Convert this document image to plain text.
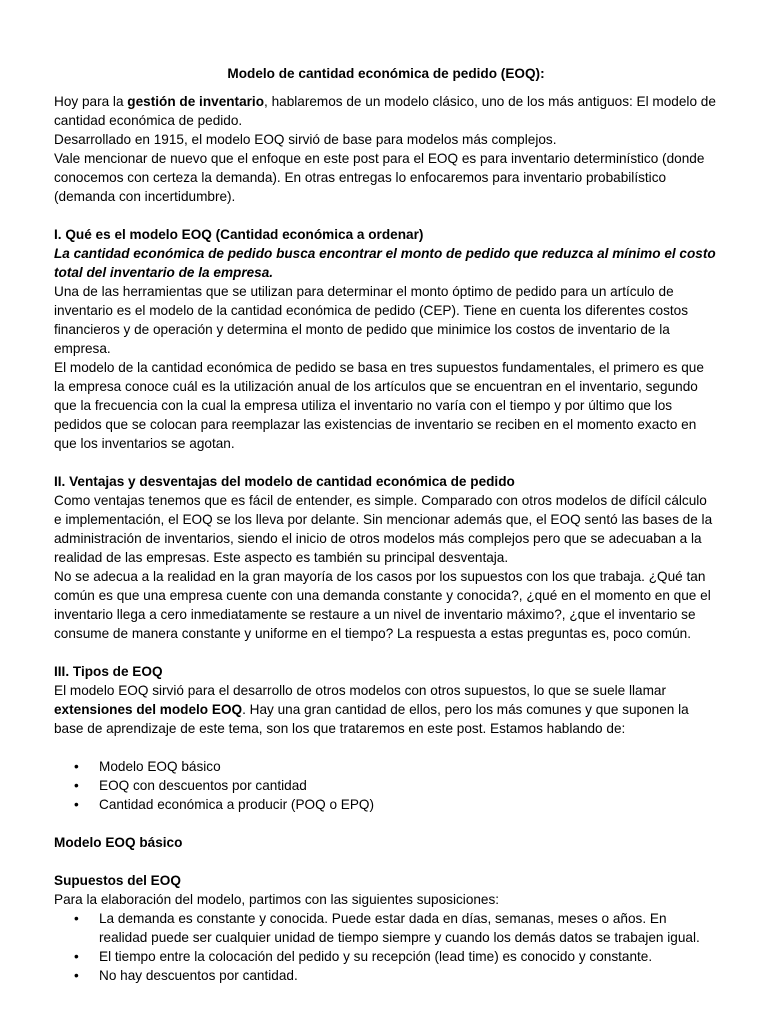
Modelo de cantidad económica de pedido (EOQ):

Hoy para la gestión de inventario, hablaremos de un modelo clásico, uno de los más antiguos: El modelo de cantidad económica de pedido.

Desarrollado en 1915, el modelo EOQ sirvió de base para modelos más complejos.

Vale mencionar de nuevo que el enfoque en este post para el EOQ es para inventario determinístico (donde conocemos con certeza la demanda). En otras entregas lo enfocaremos para inventario probabilístico (demanda con incertidumbre).

I. Qué es el modelo EOQ (Cantidad económica a ordenar)

La cantidad económica de pedido busca encontrar el monto de pedido que reduzca al mínimo el costo total del inventario de la empresa.

Una de las herramientas que se utilizan para determinar el monto óptimo de pedido para un artículo de inventario es el modelo de la cantidad económica de pedido (CEP). Tiene en cuenta los diferentes costos financieros y de operación y determina el monto de pedido que minimice los costos de inventario de la empresa.

El modelo de la cantidad económica de pedido se basa en tres supuestos fundamentales, el primero es que la empresa conoce cuál es la utilización anual de los artículos que se encuentran en el inventario, segundo que la frecuencia con la cual la empresa utiliza el inventario no varía con el tiempo y por último que los pedidos que se colocan para reemplazar las existencias de inventario se reciben en el momento exacto en que los inventarios se agotan.

II. Ventajas y desventajas del modelo de cantidad económica de pedido

Como ventajas tenemos que es fácil de entender, es simple. Comparado con otros modelos de difícil cálculo e implementación, el EOQ se los lleva por delante. Sin mencionar además que, el EOQ sentó las bases de la administración de inventarios, siendo el inicio de otros modelos más complejos pero que se adecuaban a la realidad de las empresas. Este aspecto es también su principal desventaja.

No se adecua a la realidad en la gran mayoría de los casos por los supuestos con los que trabaja. ¿Qué tan común es que una empresa cuente con una demanda constante y conocida?, ¿qué en el momento en que el inventario llega a cero inmediatamente se restaure a un nivel de inventario máximo?, ¿que el inventario se consume de manera constante y uniforme en el tiempo? La respuesta a estas preguntas es, poco común.

III. Tipos de EOQ

El modelo EOQ sirvió para el desarrollo de otros modelos con otros supuestos, lo que se suele llamar extensiones del modelo EOQ. Hay una gran cantidad de ellos, pero los más comunes y que suponen la base de aprendizaje de este tema, son los que trataremos en este post. Estamos hablando de:

• Modelo EOQ básico
• EOQ con descuentos por cantidad
• Cantidad económica a producir (POQ o EPQ)
Modelo EOQ básico
Supuestos del EOQ

Para la elaboración del modelo, partimos con las siguientes suposiciones:

• La demanda es constante y conocida. Puede estar dada en días, semanas, meses o años. En realidad puede ser cualquier unidad de tiempo siempre y cuando los demás datos se trabajen igual.
• El tiempo entre la colocación del pedido y su recepción (lead time) es conocido y constante.
• No hay descuentos por cantidad.
